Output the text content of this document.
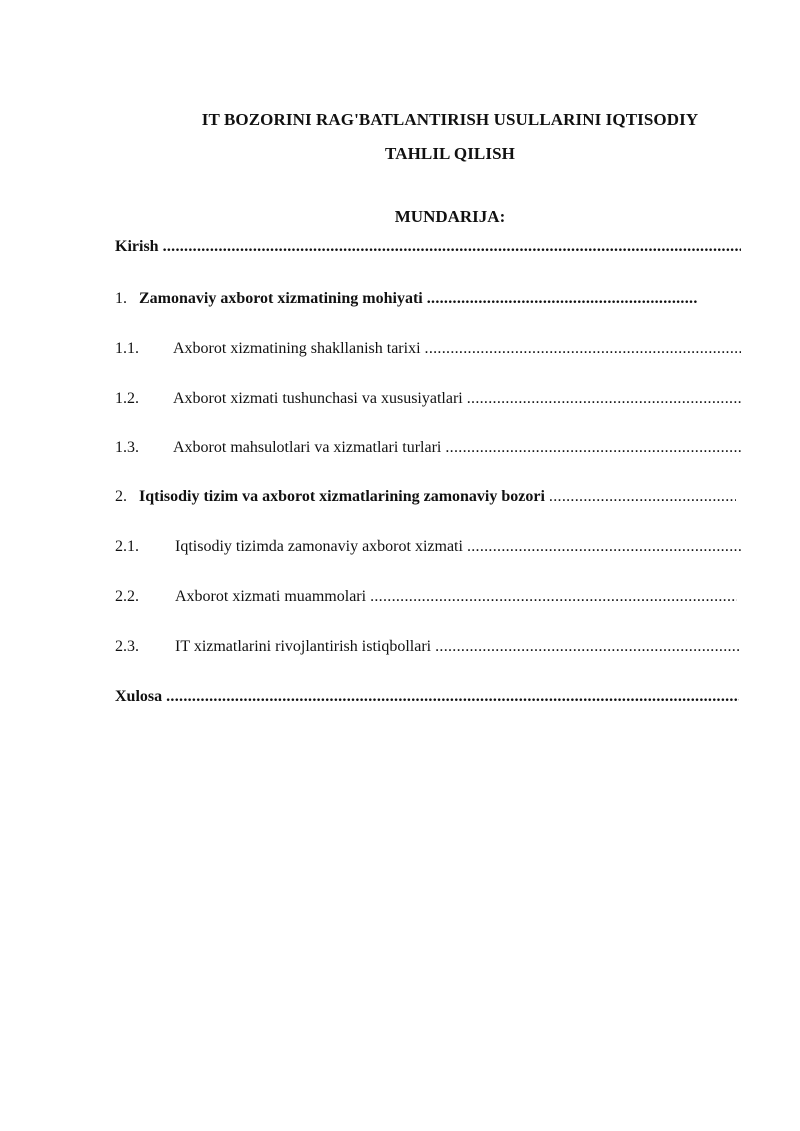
IT BOZORINI RAG'BATLANTIRISH USULLARINI IQTISODIY
TAHLIL QILISH
MUNDARIJA:
Kirish
.....
1. Zamonaviy axborot xizmatining mohiyati
.....
1.1.	Axborot xizmatining shakllanish tarixi
.....
1.2.	Axborot xizmati tushunchasi va xususiyatlari
.....
1.3.	Axborot mahsulotlari va xizmatlari turlari
.....
2. Iqtisodiy tizim va axborot xizmatlarining zamonaviy bozori
.....
2.1.	Iqtisodiy tizimda zamonaviy axborot xizmati
.....
2.2.	Axborot xizmati muammolari
.....
2.3.	IT xizmatlarini rivojlantirish istiqbollari
.....
Xulosa
.....
